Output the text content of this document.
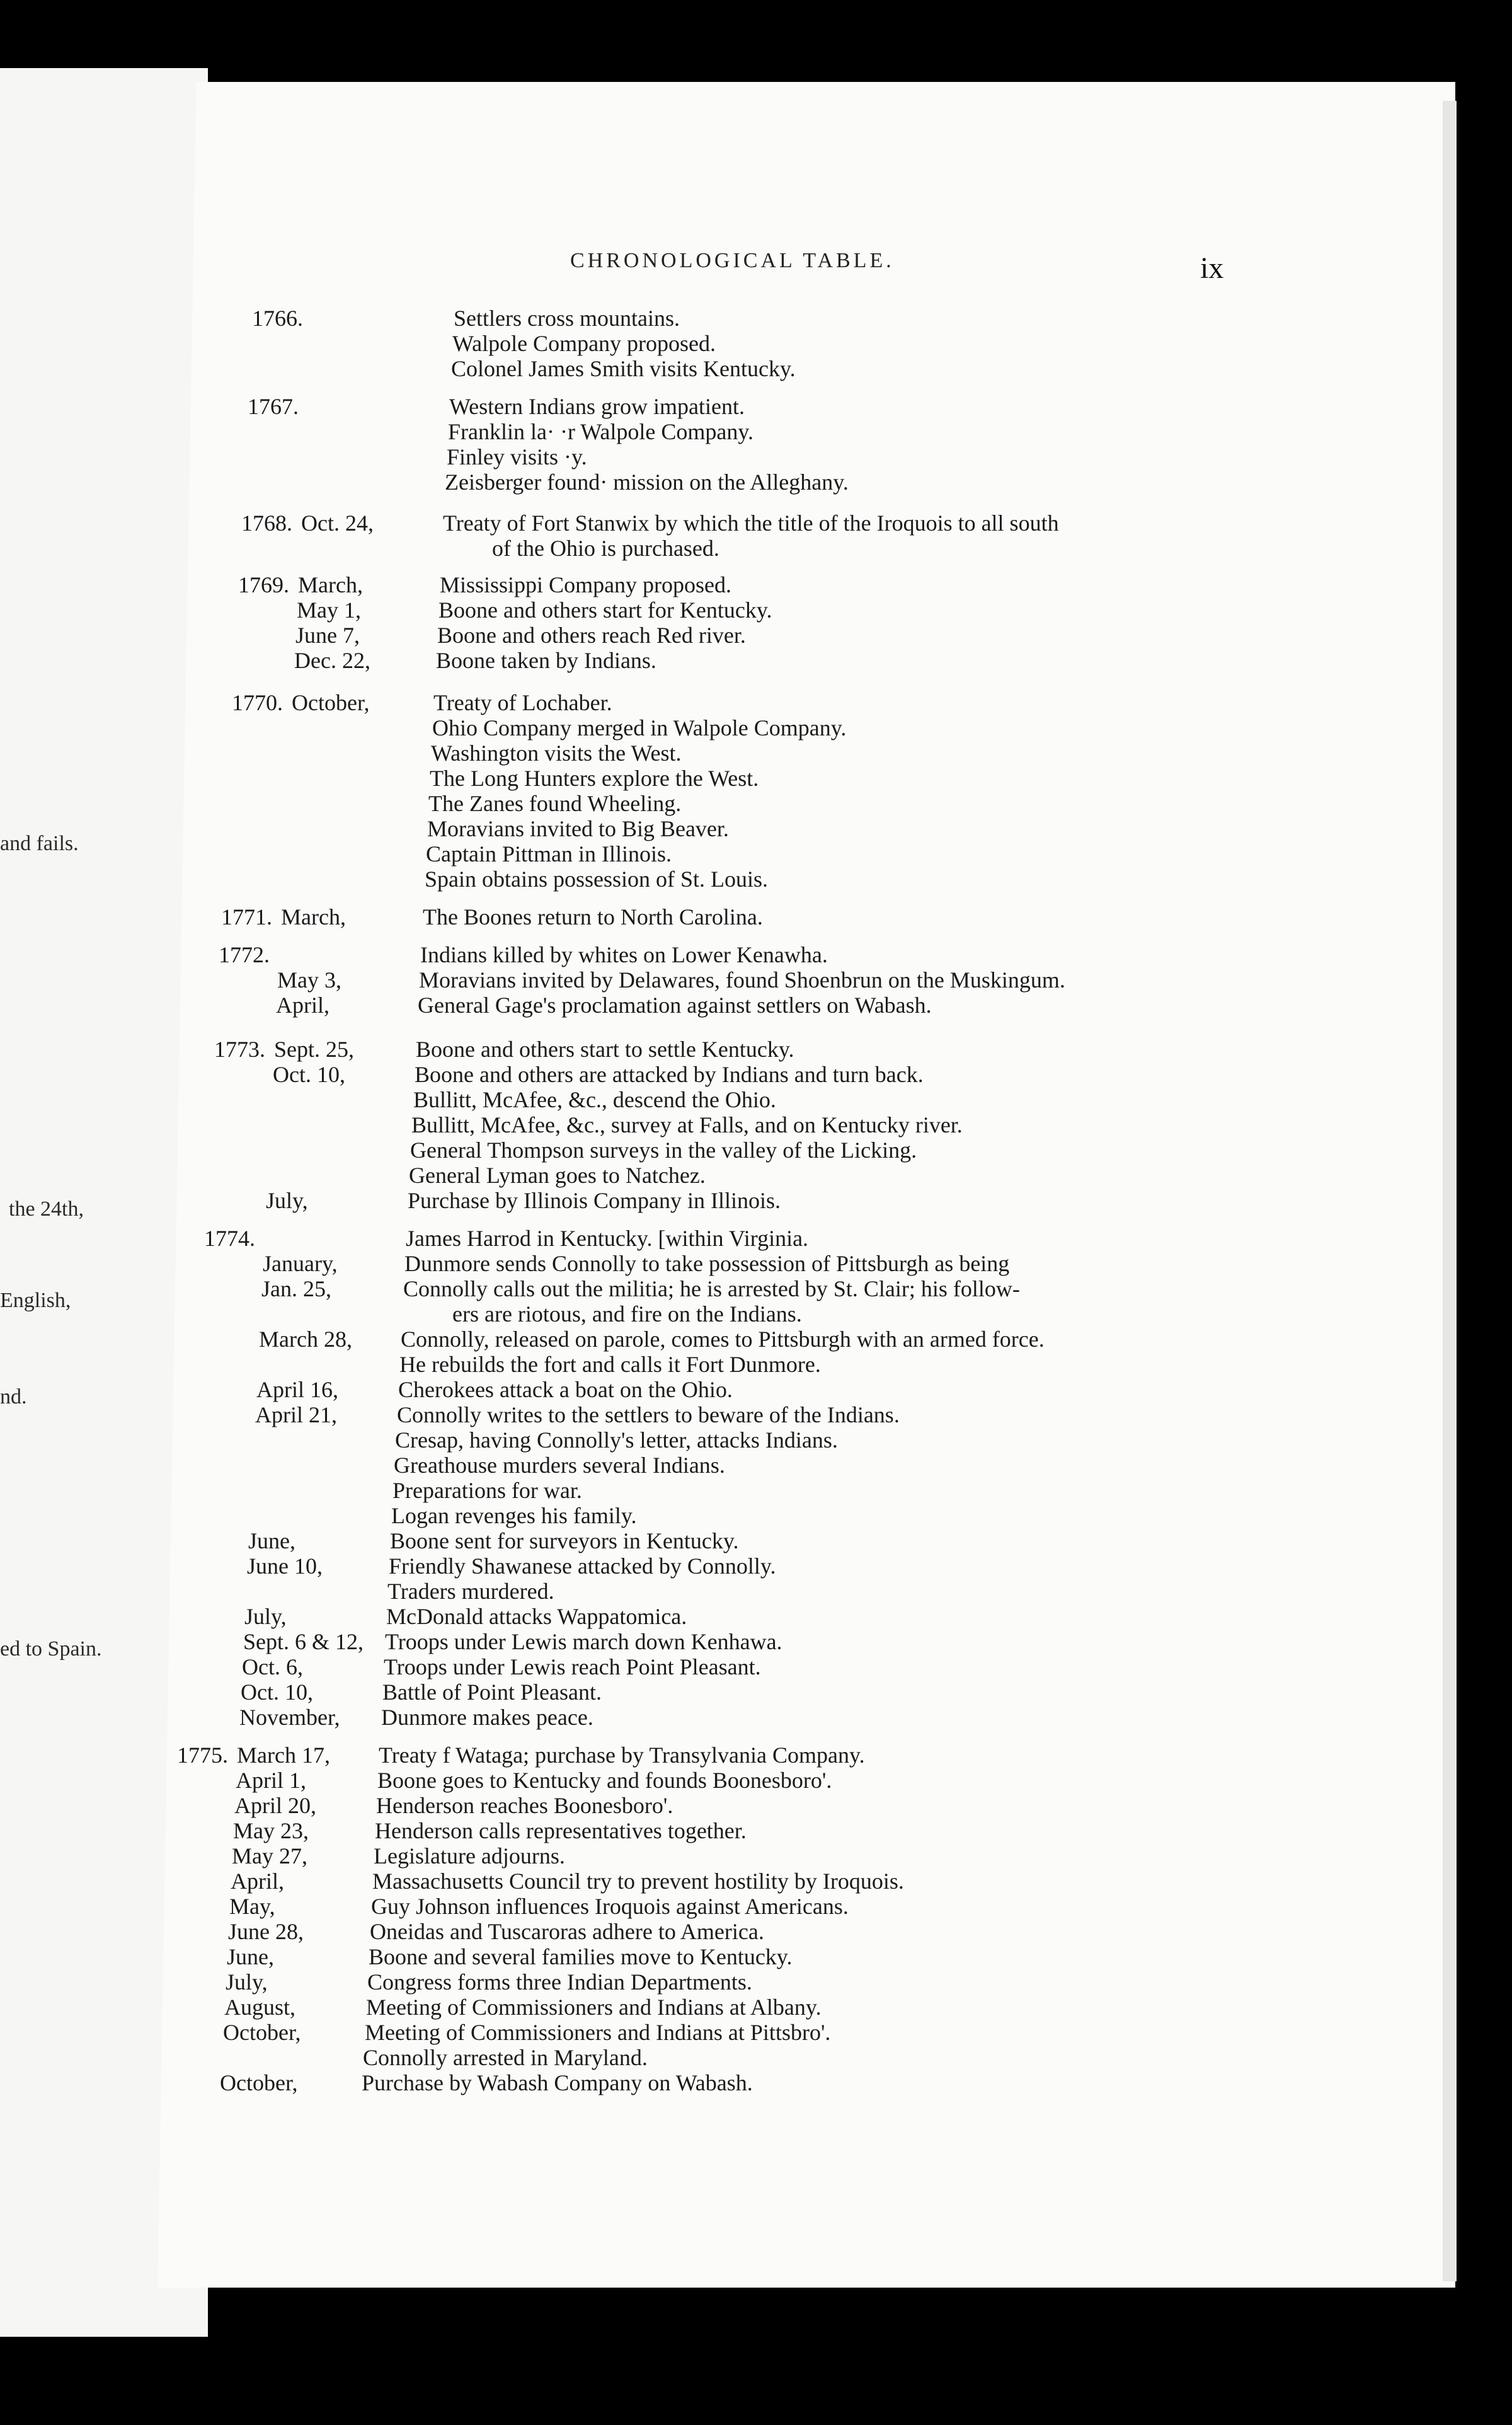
and fails.
the 24th,
English,
nd.
ed to Spain.
CHRONOLOGICAL TABLE.	ix
1766.	Settlers cross mountains.
Walpole Company proposed.
Colonel James Smith visits Kentucky.
1767.	Western Indians grow impatient.
Franklin la· ·r Walpole Company.
Finley visits ·y.
Zeisberger found· mission on the Alleghany.
1768. Oct. 24,	Treaty of Fort Stanwix by which the title of the Iroquois to all south
of the Ohio is purchased.
1769. March,	Mississippi Company proposed.
May 1,	Boone and others start for Kentucky.
June 7,	Boone and others reach Red river.
Dec. 22,	Boone taken by Indians.
1770. October,	Treaty of Lochaber.
Ohio Company merged in Walpole Company.
Washington visits the West.
The Long Hunters explore the West.
The Zanes found Wheeling.
Moravians invited to Big Beaver.
Captain Pittman in Illinois.
Spain obtains possession of St. Louis.
1771. March,	The Boones return to North Carolina.
1772.	Indians killed by whites on Lower Kenawha.
May 3,	Moravians invited by Delawares, found Shoenbrun on the Muskingum.
April,	General Gage's proclamation against settlers on Wabash.
1773. Sept. 25,	Boone and others start to settle Kentucky.
Oct. 10,	Boone and others are attacked by Indians and turn back.
Bullitt, McAfee, &c., descend the Ohio.
Bullitt, McAfee, &c., survey at Falls, and on Kentucky river.
General Thompson surveys in the valley of the Licking.
General Lyman goes to Natchez.
July,	Purchase by Illinois Company in Illinois.
1774.	James Harrod in Kentucky. [within Virginia.
January,	Dunmore sends Connolly to take possession of Pittsburgh as being
Jan. 25,	Connolly calls out the militia; he is arrested by St. Clair; his follow-
ers are riotous, and fire on the Indians.
March 28, Connolly, released on parole, comes to Pittsburgh with an armed force.
He rebuilds the fort and calls it Fort Dunmore.
April 16,	Cherokees attack a boat on the Ohio.
April 21,	Connolly writes to the settlers to beware of the Indians.
Cresap, having Connolly's letter, attacks Indians.
Greathouse murders several Indians.
Preparations for war.
Logan revenges his family.
June,	Boone sent for surveyors in Kentucky.
June 10,	Friendly Shawanese attacked by Connolly.
Traders murdered.
July,	McDonald attacks Wappatomica.
Sept. 6 & 12, Troops under Lewis march down Kenhawa.
Oct. 6,	Troops under Lewis reach Point Pleasant.
Oct. 10,	Battle of Point Pleasant.
November, Dunmore makes peace.
1775. March 17, Treaty f Wataga; purchase by Transylvania Company.
April 1,	Boone goes to Kentucky and founds Boonesboro'.
April 20,	Henderson reaches Boonesboro'.
May 23,	Henderson calls representatives together.
May 27,	Legislature adjourns.
April,	Massachusetts Council try to prevent hostility by Iroquois.
May,	Guy Johnson influences Iroquois against Americans.
June 28,	Oneidas and Tuscaroras adhere to America.
June,	Boone and several families move to Kentucky.
July,	Congress forms three Indian Departments.
August,	Meeting of Commissioners and Indians at Albany.
October,	Meeting of Commissioners and Indians at Pittsbro'.
Connolly arrested in Maryland.
October,	Purchase by Wabash Company on Wabash.
